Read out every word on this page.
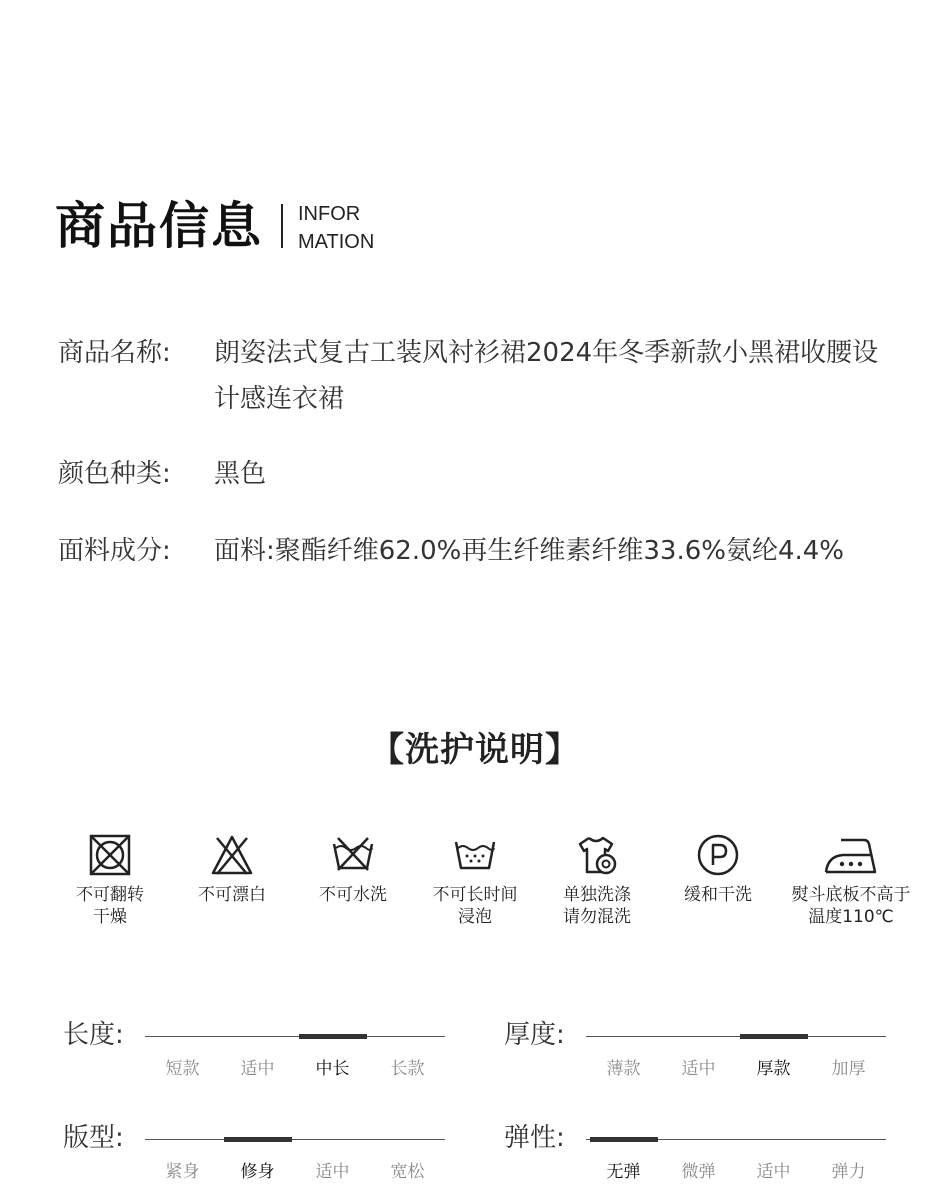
商品信息 INFOR
MATION
商品名称:	朗姿法式复古工装风衬衫裙2024年冬季新款小黑裙收腰设计感连衣裙
颜色种类:	黑色
面料成分:	面料:聚酯纤维62.0%再生纤维素纤维33.6%氨纶4.4%
【洗护说明】
不可翻转
干燥
不可漂白	不可水洗	不可长时间
浸泡
单独洗涤
请勿混洗
缓和干洗	熨斗底板不高于
温度110℃
长度:
短款	适中	中长	长款
厚度:
薄款	适中	厚款	加厚
版型:
紧身	修身	适中	宽松
弹性:
无弹	微弹	适中	弹力
